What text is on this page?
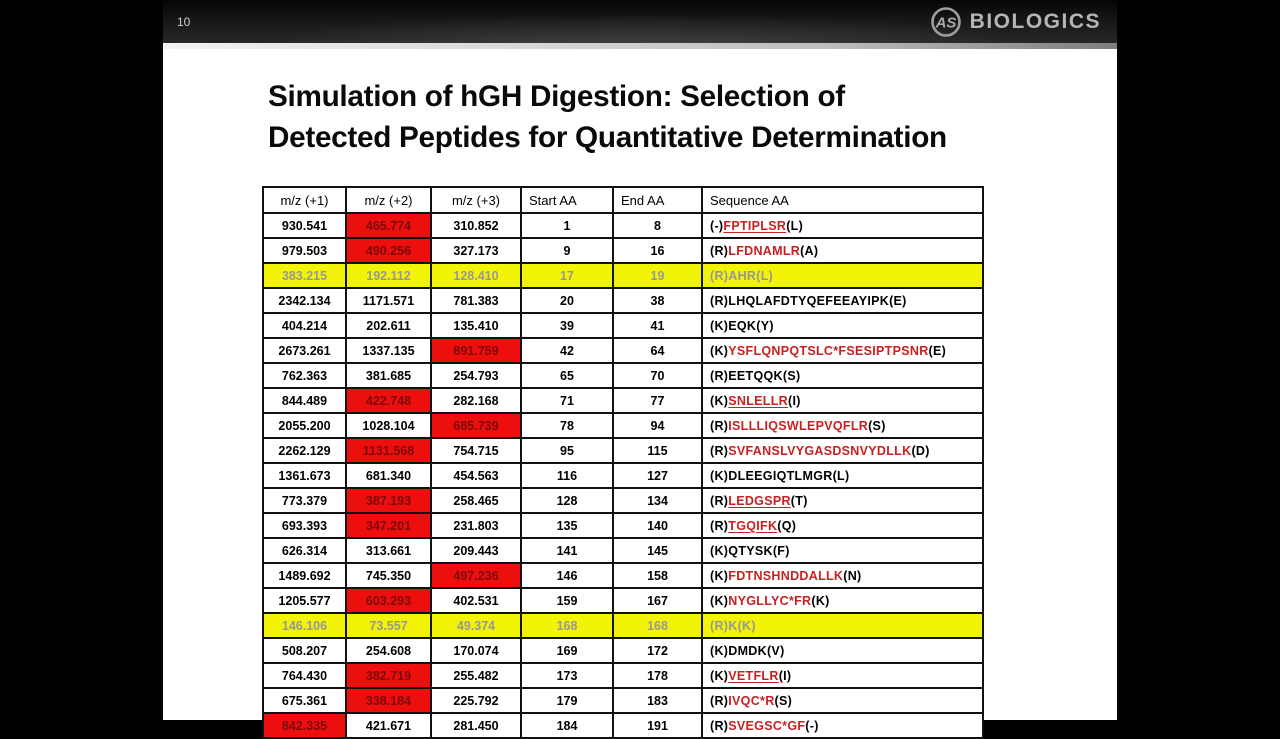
10	AS BIOLOGICS
Simulation of hGH Digestion: Selection of
Detected Peptides for Quantitative Determination
m/z (+1)	m/z (+2)	m/z (+3)	Start AA	End AA	Sequence AA
930.541	465.774	310.852	1	8	(-)FPTIPLSR(L)
979.503	490.256	327.173	9	16	(R)LFDNAMLR(A)
383.215	192.112	128.410	17	19	(R)AHR(L)
2342.134	1171.571	781.383	20	38	(R)LHQLAFDTYQEFEEAYIPK(E)
404.214	202.611	135.410	39	41	(K)EQK(Y)
2673.261	1337.135	891.759	42	64	(K)YSFLQNPQTSLC*FSESIPTPSNR(E)
762.363	381.685	254.793	65	70	(R)EETQQK(S)
844.489	422.748	282.168	71	77	(K)SNLELLR(I)
2055.200	1028.104	685.739	78	94	(R)ISLLLIQSWLEPVQFLR(S)
2262.129	1131.568	754.715	95	115	(R)SVFANSLVYGASDSNVYDLLK(D)
1361.673	681.340	454.563	116	127	(K)DLEEGIQTLMGR(L)
773.379	387.193	258.465	128	134	(R)LEDGSPR(T)
693.393	347.201	231.803	135	140	(R)TGQIFK(Q)
626.314	313.661	209.443	141	145	(K)QTYSK(F)
1489.692	745.350	497.236	146	158	(K)FDTNSHNDDALLK(N)
1205.577	603.293	402.531	159	167	(K)NYGLLYC*FR(K)
146.106	73.557	49.374	168	168	(R)K(K)
508.207	254.608	170.074	169	172	(K)DMDK(V)
764.430	382.719	255.482	173	178	(K)VETFLR(I)
675.361	338.184	225.792	179	183	(R)IVQC*R(S)
842.335	421.671	281.450	184	191	(R)SVEGSC*GF(-)
